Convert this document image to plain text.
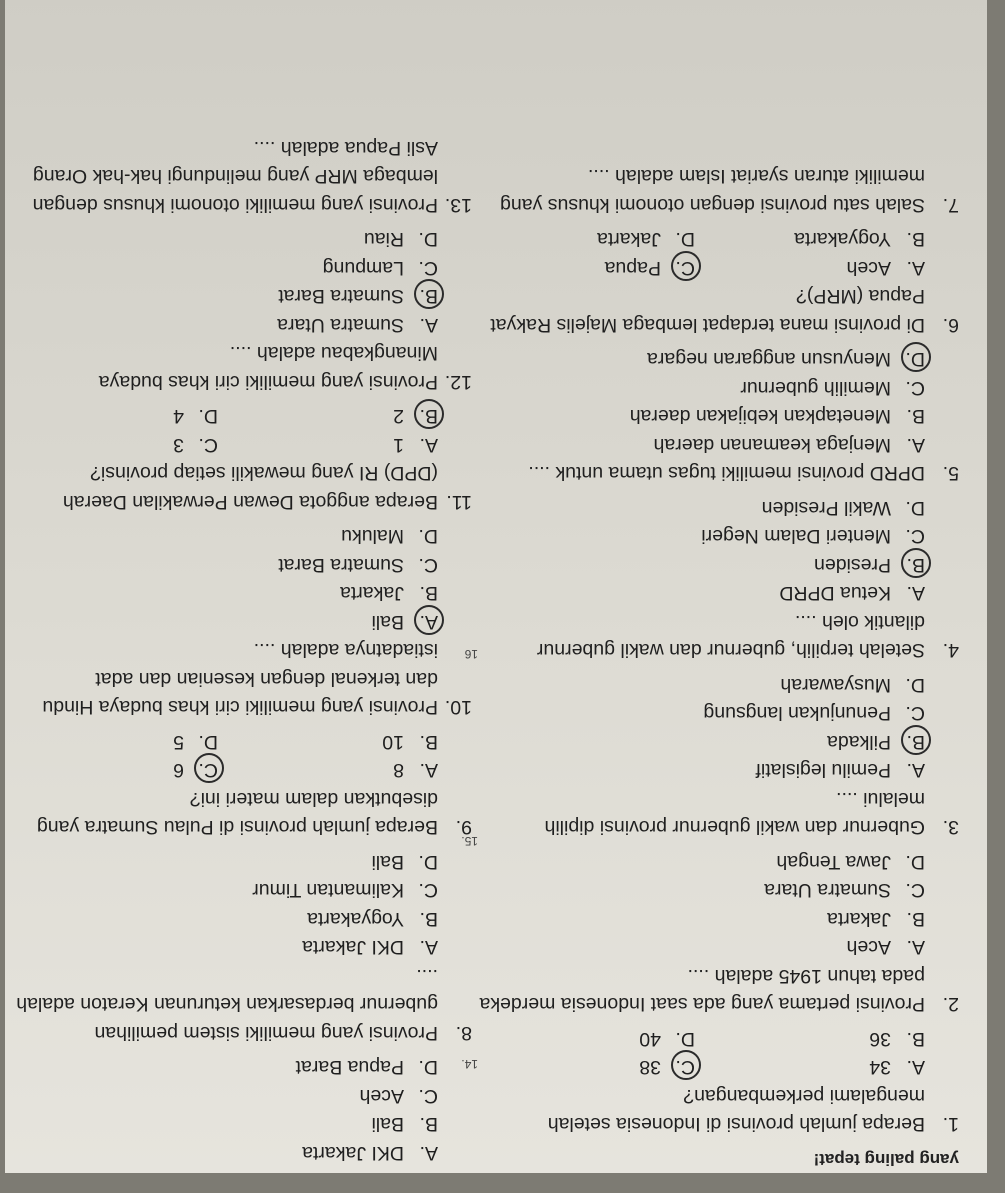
yang paling tepat!
1.
Berapa jumlah provinsi di Indonesia setelah mengalami perkembangan?
A.
34
C.
38
B.
36
D.
40
2.
Provinsi pertama yang ada saat Indonesia merdeka pada tahun 1945 adalah ....
A.
Aceh
B.
Jakarta
C.
Sumatra Utara
D.
Jawa Tengah
3.
Gubernur dan wakil gubernur provinsi dipilih melalui ....
A.
Pemilu legislatif
B.
Pilkada
C.
Penunjukan langsung
D.
Musyawarah
4.
Setelah terpilih, gubernur dan wakil gubernur dilantik oleh ....
A.
Ketua DPRD
B.
Presiden
C.
Menteri Dalam Negeri
D.
Wakil Presiden
5.
DPRD provinsi memiliki tugas utama untuk ....
A.
Menjaga keamanan daerah
B.
Menetapkan kebijakan daerah
C.
Memilih gubernur
D.
Menyusun anggaran negara
6.
Di provinsi mana terdapat lembaga Majelis Rakyat Papua (MRP)?
A.
Aceh
C.
Papua
B.
Yogyakarta
D.
Jakarta
7.
Salah satu provinsi dengan otonomi khusus yang memiliki aturan syariat Islam adalah ....
14.
15.
16
A.
DKI Jakarta
B.
Bali
C.
Aceh
D.
Papua Barat
8.
Provinsi yang memiliki sistem pemilihan gubernur berdasarkan keturunan Keraton adalah ....
A.
DKI Jakarta
B.
Yogyakarta
C.
Kalimantan Timur
D.
Bali
9.
Berapa jumlah provinsi di Pulau Sumatra yang disebutkan dalam materi ini?
A.
8
C.
6
B.
10
D.
5
10.
Provinsi yang memiliki ciri khas budaya Hindu dan terkenal dengan kesenian dan adat istiadatnya adalah ....
A.
Bali
B.
Jakarta
C.
Sumatra Barat
D.
Maluku
11.
Berapa anggota Dewan Perwakilan Daerah (DPD) RI yang mewakili setiap provinsi?
A.
1
C.
3
B.
2
D.
4
12.
Provinsi yang memiliki ciri khas budaya Minangkabau adalah ....
A.
Sumatra Utara
B.
Sumatra Barat
C.
Lampung
D.
Riau
13.
Provinsi yang memiliki otonomi khusus dengan lembaga MRP yang melindungi hak-hak Orang Asli Papua adalah ....
